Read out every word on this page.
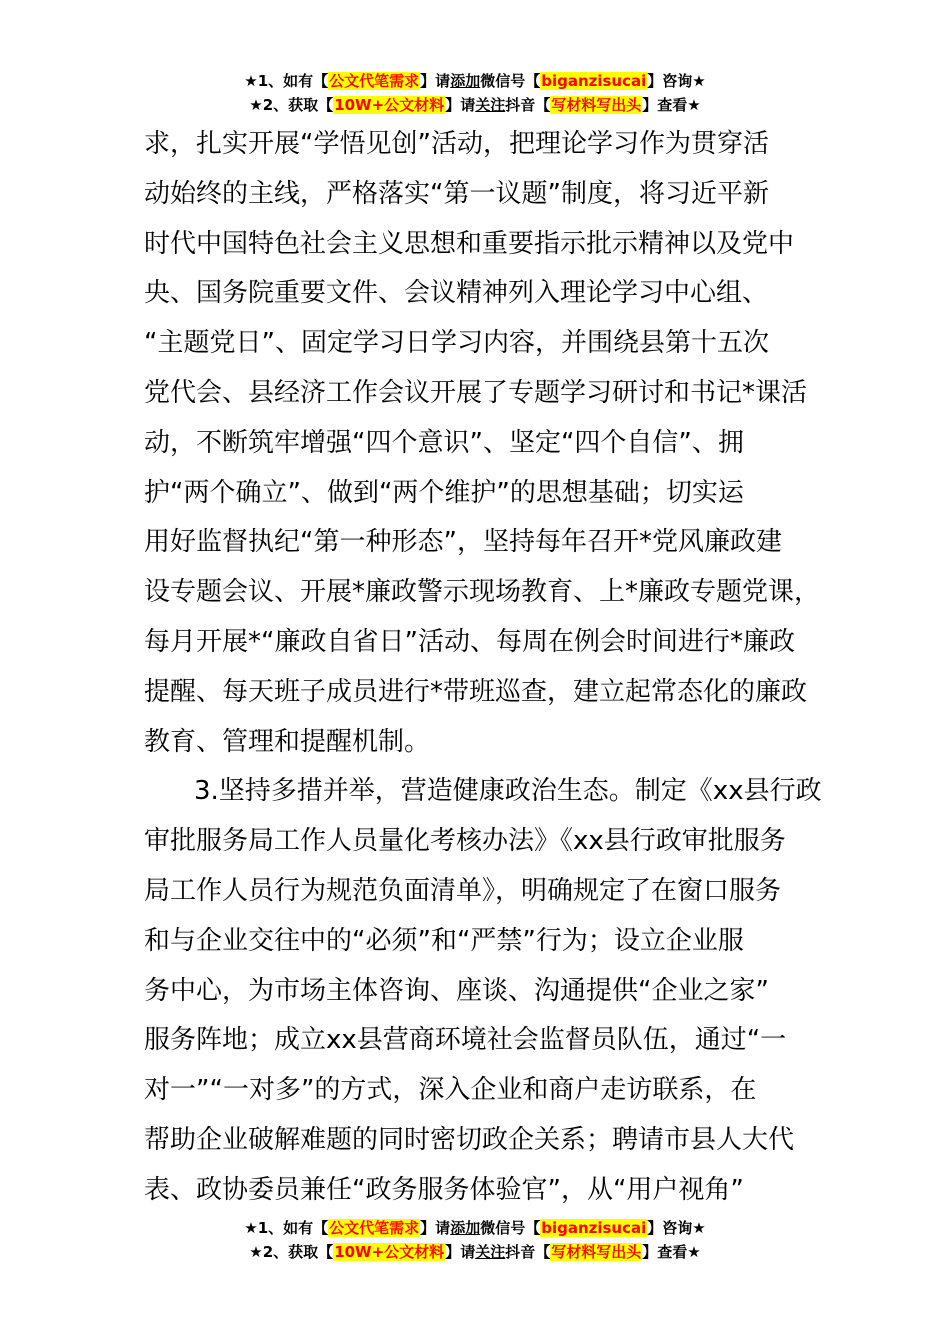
★1、如有【公文代笔需求】请添加微信号【biganzisucai】咨询★
★2、获取【10W+公文材料】请关注抖音【写材料写出头】查看★
求，扎实开展“学悟见创”活动，把理论学习作为贯穿活
动始终的主线，严格落实“第一议题”制度，将习近平新
时代中国特色社会主义思想和重要指示批示精神以及党中
央、国务院重要文件、会议精神列入理论学习中心组、
“主题党日”、固定学习日学习内容，并围绕县第十五次
党代会、县经济工作会议开展了专题学习研讨和书记*课活
动，不断筑牢增强“四个意识”、坚定“四个自信”、拥
护“两个确立”、做到“两个维护”的思想基础；切实运
用好监督执纪“第一种形态”，坚持每年召开*党风廉政建
设专题会议、开展*廉政警示现场教育、上*廉政专题党课，
每月开展*“廉政自省日”活动、每周在例会时间进行*廉政
提醒、每天班子成员进行*带班巡查，建立起常态化的廉政
教育、管理和提醒机制。
3.坚持多措并举，营造健康政治生态。制定《xx县行政
审批服务局工作人员量化考核办法》《xx县行政审批服务
局工作人员行为规范负面清单》，明确规定了在窗口服务
和与企业交往中的“必须”和“严禁”行为；设立企业服
务中心，为市场主体咨询、座谈、沟通提供“企业之家”
服务阵地；成立xx县营商环境社会监督员队伍，通过“一
对一”“一对多”的方式，深入企业和商户走访联系，在
帮助企业破解难题的同时密切政企关系；聘请市县人大代
表、政协委员兼任“政务服务体验官”，从“用户视角”
★1、如有【公文代笔需求】请添加微信号【biganzisucai】咨询★
★2、获取【10W+公文材料】请关注抖音【写材料写出头】查看★
